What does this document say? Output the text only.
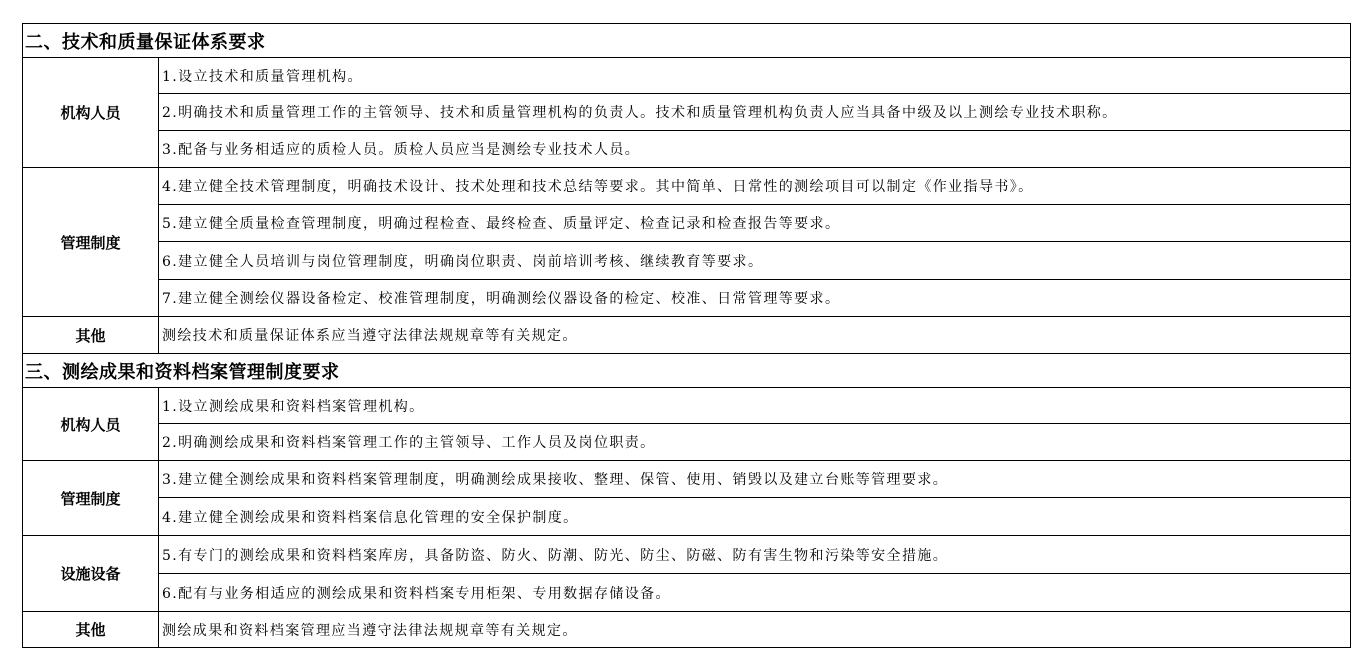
二、技术和质量保证体系要求	
机构人员	1.设立技术和质量管理机构。
	2.明确技术和质量管理工作的主管领导、技术和质量管理机构的负责人。技术和质量管理机构负责人应当具备中级及以上测绘专业技术职称。
	3.配备与业务相适应的质检人员。质检人员应当是测绘专业技术人员。
管理制度	4.建立健全技术管理制度，明确技术设计、技术处理和技术总结等要求。其中简单、日常性的测绘项目可以制定《作业指导书》。
	5.建立健全质量检查管理制度，明确过程检查、最终检查、质量评定、检查记录和检查报告等要求。
	6.建立健全人员培训与岗位管理制度，明确岗位职责、岗前培训考核、继续教育等要求。
	7.建立健全测绘仪器设备检定、校准管理制度，明确测绘仪器设备的检定、校准、日常管理等要求。
其他	测绘技术和质量保证体系应当遵守法律法规规章等有关规定。
三、测绘成果和资料档案管理制度要求	
机构人员	1.设立测绘成果和资料档案管理机构。
	2.明确测绘成果和资料档案管理工作的主管领导、工作人员及岗位职责。
管理制度	3.建立健全测绘成果和资料档案管理制度，明确测绘成果接收、整理、保管、使用、销毁以及建立台账等管理要求。
	4.建立健全测绘成果和资料档案信息化管理的安全保护制度。
设施设备	5.有专门的测绘成果和资料档案库房，具备防盗、防火、防潮、防光、防尘、防磁、防有害生物和污染等安全措施。
	6.配有与业务相适应的测绘成果和资料档案专用柜架、专用数据存储设备。
其他	测绘成果和资料档案管理应当遵守法律法规规章等有关规定。
